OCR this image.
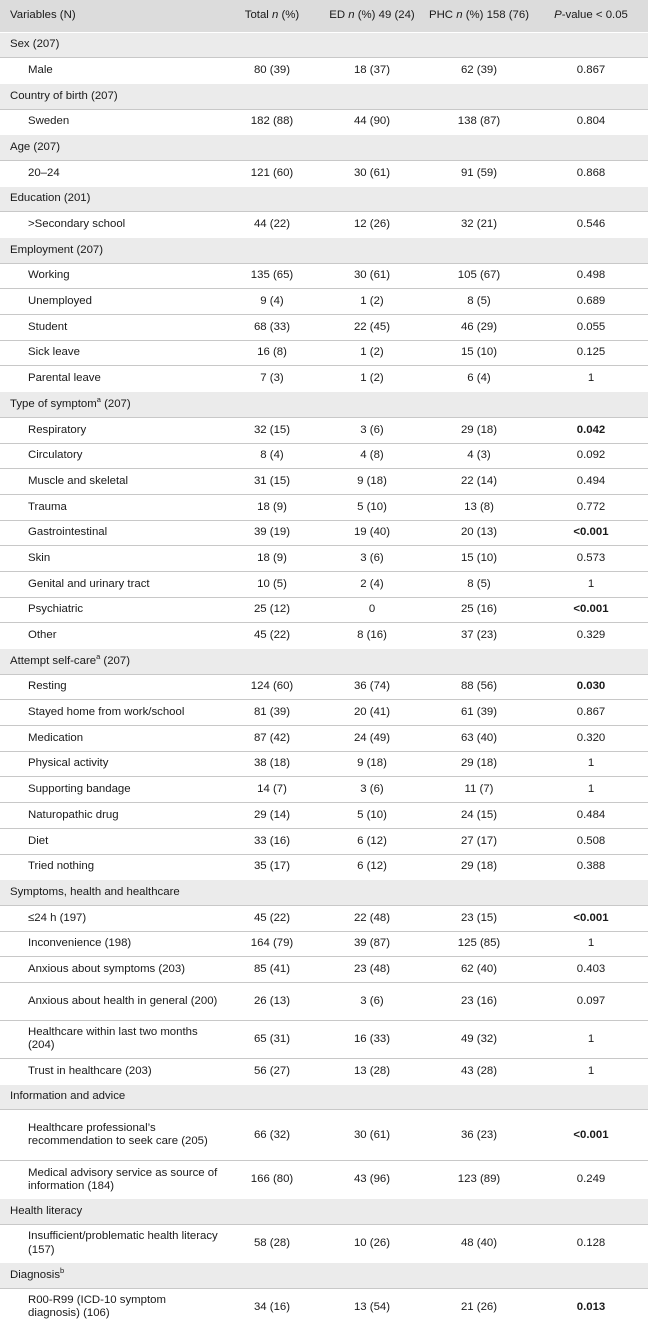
Variables (N)	Total n (%)	ED n (%) 49 (24)	PHC n (%) 158 (76)	P-value < 0.05
Sex (207)				
Male	80 (39)	18 (37)	62 (39)	0.867
Country of birth (207)				
Sweden	182 (88)	44 (90)	138 (87)	0.804
Age (207)				
20–24	121 (60)	30 (61)	91 (59)	0.868
Education (201)				
>Secondary school	44 (22)	12 (26)	32 (21)	0.546
Employment (207)				
Working	135 (65)	30 (61)	105 (67)	0.498
Unemployed	9 (4)	1 (2)	8 (5)	0.689
Student	68 (33)	22 (45)	46 (29)	0.055
Sick leave	16 (8)	1 (2)	15 (10)	0.125
Parental leave	7 (3)	1 (2)	6 (4)	1
Type of symptom$^a$ (207)				
Respiratory	32 (15)	3 (6)	29 (18)	0.042
Circulatory	8 (4)	4 (8)	4 (3)	0.092
Muscle and skeletal	31 (15)	9 (18)	22 (14)	0.494
Trauma	18 (9)	5 (10)	13 (8)	0.772
Gastrointestinal	39 (19)	19 (40)	20 (13)	<0.001
Skin	18 (9)	3 (6)	15 (10)	0.573
Genital and urinary tract	10 (5)	2 (4)	8 (5)	1
Psychiatric	25 (12)	0	25 (16)	<0.001
Other	45 (22)	8 (16)	37 (23)	0.329
Attempt self-care$^a$ (207)				
Resting	124 (60)	36 (74)	88 (56)	0.030
Stayed home from work/school	81 (39)	20 (41)	61 (39)	0.867
Medication	87 (42)	24 (49)	63 (40)	0.320
Physical activity	38 (18)	9 (18)	29 (18)	1
Supporting bandage	14 (7)	3 (6)	11 (7)	1
Naturopathic drug	29 (14)	5 (10)	24 (15)	0.484
Diet	33 (16)	6 (12)	27 (17)	0.508
Tried nothing	35 (17)	6 (12)	29 (18)	0.388
Symptoms, health and healthcare				
≤24 h (197)	45 (22)	22 (48)	23 (15)	<0.001
Inconvenience (198)	164 (79)	39 (87)	125 (85)	1
Anxious about symptoms (203)	85 (41)	23 (48)	62 (40)	0.403
Anxious about health in general (200)	26 (13)	3 (6)	23 (16)	0.097
Healthcare within last two months (204)	65 (31)	16 (33)	49 (32)	1
Trust in healthcare (203)	56 (27)	13 (28)	43 (28)	1
Information and advice				
Healthcare professional’s recommendation to seek care (205)	66 (32)	30 (61)	36 (23)	<0.001
Medical advisory service as source of information (184)	166 (80)	43 (96)	123 (89)	0.249
Health literacy				
Insufficient/problematic health literacy (157)	58 (28)	10 (26)	48 (40)	0.128
Diagnosis$^b$
R00-R99 (ICD-10 symptom diagnosis) (106)	34 (16)	13 (54)	21 (26)	0.013
